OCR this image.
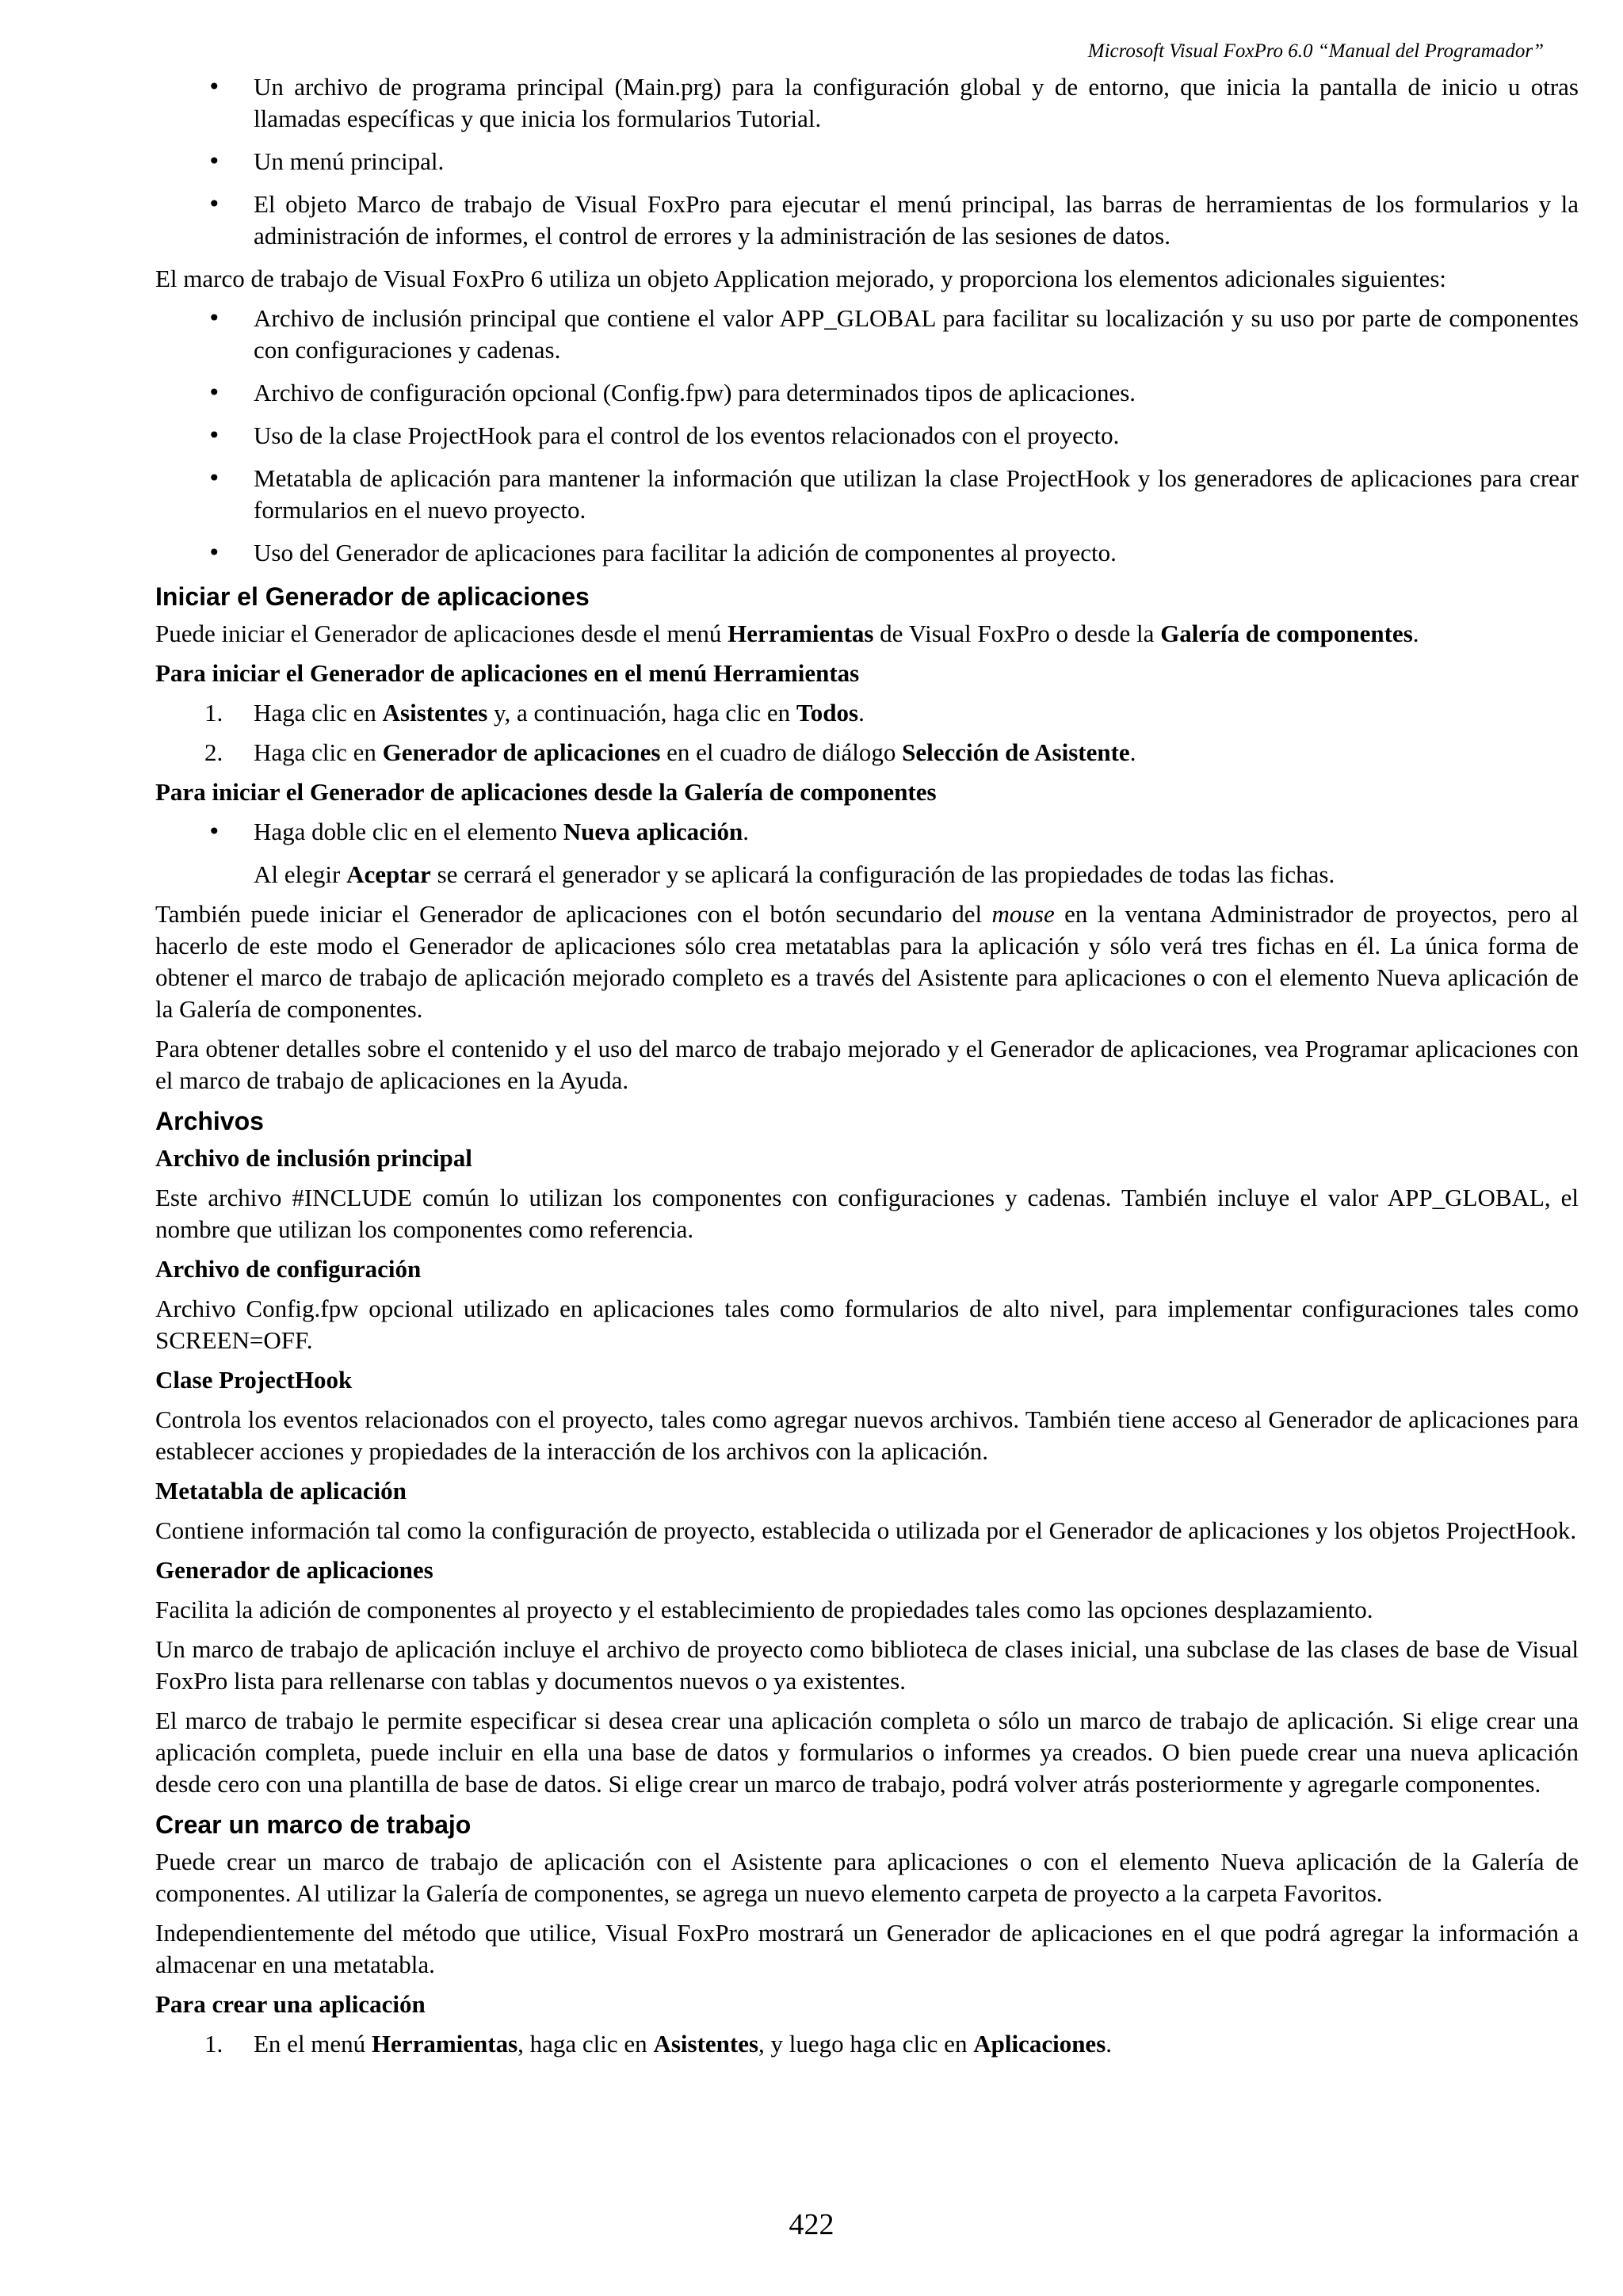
Microsoft Visual FoxPro 6.0 “Manual del Programador”
• Un archivo de programa principal (Main.prg) para la configuración global y de entorno, que inicia la pantalla de inicio u otras llamadas específicas y que inicia los formularios Tutorial.
• Un menú principal.
• El objeto Marco de trabajo de Visual FoxPro para ejecutar el menú principal, las barras de herramientas de los formularios y la administración de informes, el control de errores y la administración de las sesiones de datos.

El marco de trabajo de Visual FoxPro 6 utiliza un objeto Application mejorado, y proporciona los elementos adicionales siguientes:

• Archivo de inclusión principal que contiene el valor APP_GLOBAL para facilitar su localización y su uso por parte de componentes con configuraciones y cadenas.
• Archivo de configuración opcional (Config.fpw) para determinados tipos de aplicaciones.
• Uso de la clase ProjectHook para el control de los eventos relacionados con el proyecto.
• Metatabla de aplicación para mantener la información que utilizan la clase ProjectHook y los generadores de aplicaciones para crear formularios en el nuevo proyecto.
• Uso del Generador de aplicaciones para facilitar la adición de componentes al proyecto.
Iniciar el Generador de aplicaciones

Puede iniciar el Generador de aplicaciones desde el menú Herramientas de Visual FoxPro o desde la Galería de componentes.

Para iniciar el Generador de aplicaciones en el menú Herramientas
1. Haga clic en Asistentes y, a continuación, haga clic en Todos.
2. Haga clic en Generador de aplicaciones en el cuadro de diálogo Selección de Asistente.
Para iniciar el Generador de aplicaciones desde la Galería de componentes
• Haga doble clic en el elemento Nueva aplicación.

Al elegir Aceptar se cerrará el generador y se aplicará la configuración de las propiedades de todas las fichas.

También puede iniciar el Generador de aplicaciones con el botón secundario del mouse en la ventana Administrador de proyectos, pero al hacerlo de este modo el Generador de aplicaciones sólo crea metatablas para la aplicación y sólo verá tres fichas en él. La única forma de obtener el marco de trabajo de aplicación mejorado completo es a través del Asistente para aplicaciones o con el elemento Nueva aplicación de la Galería de componentes.

Para obtener detalles sobre el contenido y el uso del marco de trabajo mejorado y el Generador de aplicaciones, vea Programar aplicaciones con el marco de trabajo de aplicaciones en la Ayuda.

Archivos
Archivo de inclusión principal

Este archivo #INCLUDE común lo utilizan los componentes con configuraciones y cadenas. También incluye el valor APP_GLOBAL, el nombre que utilizan los componentes como referencia.

Archivo de configuración

Archivo Config.fpw opcional utilizado en aplicaciones tales como formularios de alto nivel, para implementar configuraciones tales como SCREEN=OFF.

Clase ProjectHook

Controla los eventos relacionados con el proyecto, tales como agregar nuevos archivos. También tiene acceso al Generador de aplicaciones para establecer acciones y propiedades de la interacción de los archivos con la aplicación.

Metatabla de aplicación

Contiene información tal como la configuración de proyecto, establecida o utilizada por el Generador de aplicaciones y los objetos ProjectHook.

Generador de aplicaciones

Facilita la adición de componentes al proyecto y el establecimiento de propiedades tales como las opciones desplazamiento.

Un marco de trabajo de aplicación incluye el archivo de proyecto como biblioteca de clases inicial, una subclase de las clases de base de Visual FoxPro lista para rellenarse con tablas y documentos nuevos o ya existentes.

El marco de trabajo le permite especificar si desea crear una aplicación completa o sólo un marco de trabajo de aplicación. Si elige crear una aplicación completa, puede incluir en ella una base de datos y formularios o informes ya creados. O bien puede crear una nueva aplicación desde cero con una plantilla de base de datos. Si elige crear un marco de trabajo, podrá volver atrás posteriormente y agregarle componentes.

Crear un marco de trabajo

Puede crear un marco de trabajo de aplicación con el Asistente para aplicaciones o con el elemento Nueva aplicación de la Galería de componentes. Al utilizar la Galería de componentes, se agrega un nuevo elemento carpeta de proyecto a la carpeta Favoritos.

Independientemente del método que utilice, Visual FoxPro mostrará un Generador de aplicaciones en el que podrá agregar la información a almacenar en una metatabla.

Para crear una aplicación
1. En el menú Herramientas, haga clic en Asistentes, y luego haga clic en Aplicaciones.
422
